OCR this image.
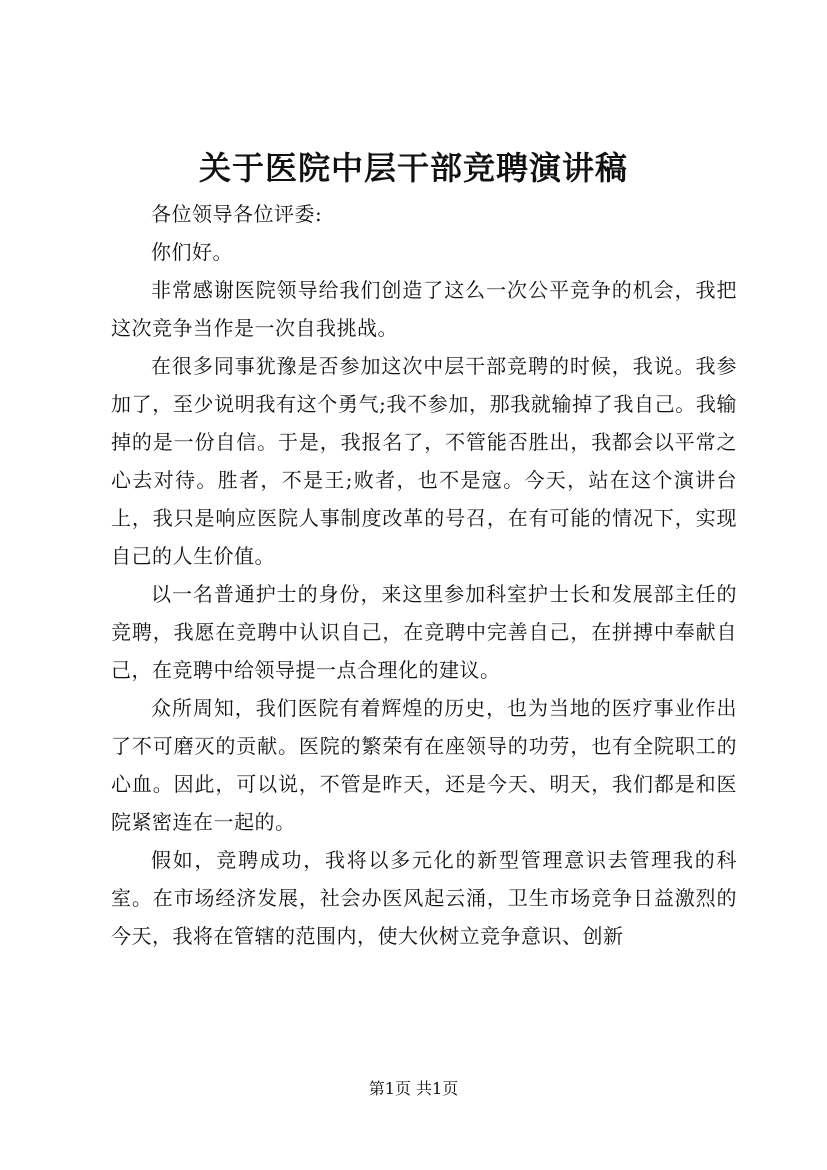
关于医院中层干部竞聘演讲稿

各位领导各位评委:

你们好。

非常感谢医院领导给我们创造了这么一次公平竞争的机会，我把这次竞争当作是一次自我挑战。

在很多同事犹豫是否参加这次中层干部竞聘的时候，我说。我参加了，至少说明我有这个勇气;我不参加，那我就输掉了我自己。我输掉的是一份自信。于是，我报名了，不管能否胜出，我都会以平常之心去对待。胜者，不是王;败者，也不是寇。今天，站在这个演讲台上，我只是响应医院人事制度改革的号召，在有可能的情况下，实现自己的人生价值。

以一名普通护士的身份，来这里参加科室护士长和发展部主任的竞聘，我愿在竞聘中认识自己，在竞聘中完善自己，在拼搏中奉献自己，在竞聘中给领导提一点合理化的建议。

众所周知，我们医院有着辉煌的历史，也为当地的医疗事业作出了不可磨灭的贡献。医院的繁荣有在座领导的功劳，也有全院职工的心血。因此，可以说，不管是昨天，还是今天、明天，我们都是和医院紧密连在一起的。

假如，竞聘成功，我将以多元化的新型管理意识去管理我的科室。在市场经济发展，社会办医风起云涌，卫生市场竞争日益激烈的今天，我将在管辖的范围内，使大伙树立竞争意识、创新

第1页 共1页
